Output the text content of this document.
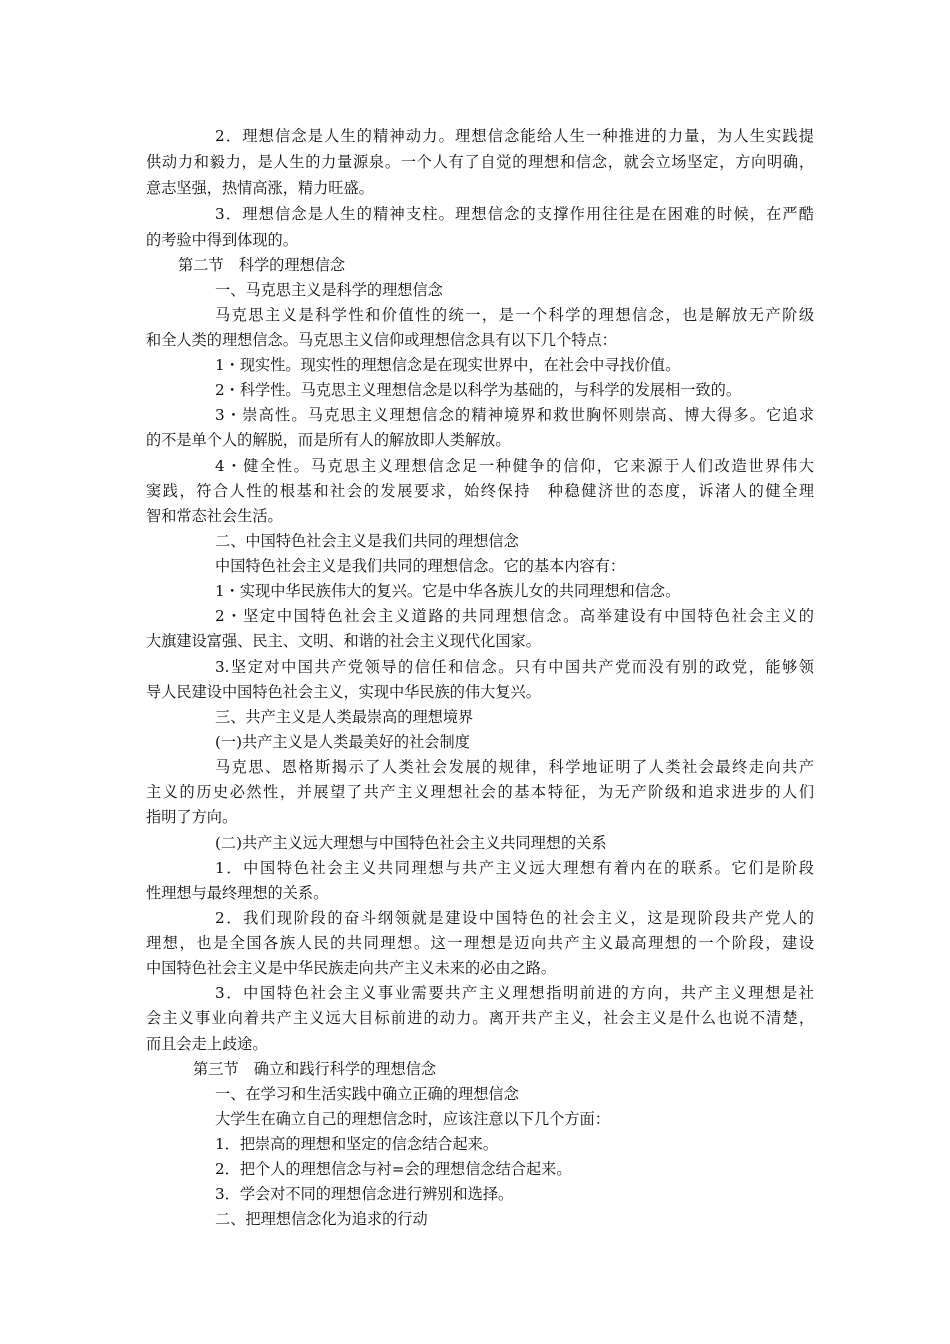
2．理想信念是人生的精神动力。理想信念能给人生一种推进的力量，为人生实践提
供动力和毅力，是人生的力量源泉。一个人有了自觉的理想和信念，就会立场坚定，方向明确，
意志坚强，热情高涨，精力旺盛。
3．理想信念是人生的精神支柱。理想信念的支撑作用往往是在困难的时候，在严酷
的考验中得到体现的。
第二节　科学的理想信念
一、马克思主义是科学的理想信念
马克思主义是科学性和价值性的统一，是一个科学的理想信念，也是解放无产阶级
和全人类的理想信念。马克思主义信仰或理想信念具有以下几个特点：
1・现实性。现实性的理想信念是在现实世界中，在社会中寻找价值。
2・科学性。马克思主义理想信念是以科学为基础的，与科学的发展相一致的。
3・崇高性。马克思主义理想信念的精神境界和救世胸怀则崇高、博大得多。它追求
的不是单个人的解脱，而是所有人的解放即人类解放。
4・健全性。马克思主义理想信念足一种健争的信仰，它来源于人们改造世界伟大
窦践，符合人性的根基和社会的发展要求，始终保持　种稳健济世的态度，诉渚人的健全理
智和常态社会生活。
二、中国特色社会主义是我们共同的理想信念
中国特色社会主义是我们共同的理想信念。它的基本内容有：
1・实现中华民族伟大的复兴。它是中华各族儿女的共同理想和信念。
2・坚定中国特色社会主义道路的共同理想信念。高举建设有中国特色社会主义的
大旗建设富强、民主、文明、和谐的社会主义现代化国家。
3.坚定对中国共产党领导的信任和信念。只有中国共产党而没有别的政党，能够领
导人民建设中国特色社会主义，实现中华民族的伟大复兴。
三、共产主义是人类最崇高的理想境界
(一)共产主义是人类最美好的社会制度
马克思、恩格斯揭示了人类社会发展的规律，科学地证明了人类社会最终走向共产
主义的历史必然性，并展望了共产主义理想社会的基本特征，为无产阶级和追求进步的人们
指明了方向。
(二)共产主义远大理想与中国特色社会主义共同理想的关系
1．中国特色社会主义共同理想与共产主义远大理想有着内在的联系。它们是阶段
性理想与最终理想的关系。
2．我们现阶段的奋斗纲领就是建设中国特色的社会主义，这是现阶段共产党人的
理想，也是全国各族人民的共同理想。这一理想是迈向共产主义最高理想的一个阶段，建设
中国特色社会主义是中华民族走向共产主义未来的必由之路。
3．中国特色社会主义事业需要共产主义理想指明前进的方向，共产主义理想是社
会主义事业向着共产主义远大目标前进的动力。离开共产主义，社会主义是什么也说不清楚，
而且会走上歧途。
第三节　确立和践行科学的理想信念
一、在学习和生活实践中确立正确的理想信念
大学生在确立自己的理想信念时，应该注意以下几个方面：
1．把崇高的理想和坚定的信念结合起来。
2．把个人的理想信念与衬=会的理想信念结合起来。
3．学会对不同的理想信念进行辨别和选择。
二、把理想信念化为追求的行动
